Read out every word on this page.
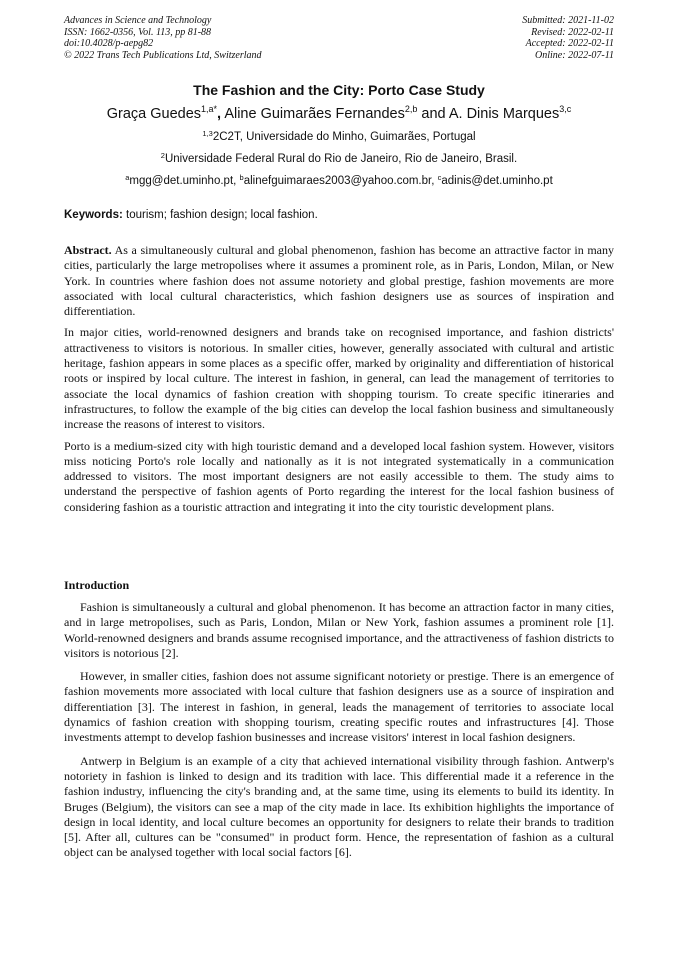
Advances in Science and Technology
ISSN: 1662-0356, Vol. 113, pp 81-88
doi:10.4028/p-aepg82
© 2022 Trans Tech Publications Ltd, Switzerland
Submitted: 2021-11-02
Revised: 2022-02-11
Accepted: 2022-02-11
Online: 2022-07-11
The Fashion and the City: Porto Case Study
Graça Guedes$^{1,a*}$, Aline Guimarães Fernandes$^{2,b}$ and A. Dinis Marques$^{3,c}$
$^{1,3}$2C2T, Universidade do Minho, Guimarães, Portugal
$^2$Universidade Federal Rural do Rio de Janeiro, Rio de Janeiro, Brasil.
$^a$mgg@det.uminho.pt, $^b$alinefguimaraes2003@yahoo.com.br, $^c$adinis@det.uminho.pt
Keywords: tourism; fashion design; local fashion.

Abstract. As a simultaneously cultural and global phenomenon, fashion has become an attractive factor in many cities, particularly the large metropolises where it assumes a prominent role, as in Paris, London, Milan, or New York. In countries where fashion does not assume notoriety and global prestige, fashion movements are more associated with local cultural characteristics, which fashion designers use as sources of inspiration and differentiation.

In major cities, world-renowned designers and brands take on recognised importance, and fashion districts' attractiveness to visitors is notorious. In smaller cities, however, generally associated with cultural and artistic heritage, fashion appears in some places as a specific offer, marked by originality and differentiation of historical roots or inspired by local culture. The interest in fashion, in general, can lead the management of territories to associate the local dynamics of fashion creation with shopping tourism. To create specific itineraries and infrastructures, to follow the example of the big cities can develop the local fashion business and simultaneously increase the reasons of interest to visitors.

Porto is a medium-sized city with high touristic demand and a developed local fashion system. However, visitors miss noticing Porto's role locally and nationally as it is not integrated systematically in a communication addressed to visitors. The most important designers are not easily accessible to them. The study aims to understand the perspective of fashion agents of Porto regarding the interest for the local fashion business of considering fashion as a touristic attraction and integrating it into the city touristic development plans.

Introduction

Fashion is simultaneously a cultural and global phenomenon. It has become an attraction factor in many cities, and in large metropolises, such as Paris, London, Milan or New York, fashion assumes a prominent role [1]. World-renowned designers and brands assume recognised importance, and the attractiveness of fashion districts to visitors is notorious [2].

However, in smaller cities, fashion does not assume significant notoriety or prestige. There is an emergence of fashion movements more associated with local culture that fashion designers use as a source of inspiration and differentiation [3]. The interest in fashion, in general, leads the management of territories to associate local dynamics of fashion creation with shopping tourism, creating specific routes and infrastructures [4]. Those investments attempt to develop fashion businesses and increase visitors' interest in local fashion designers.

Antwerp in Belgium is an example of a city that achieved international visibility through fashion. Antwerp's notoriety in fashion is linked to design and its tradition with lace. This differential made it a reference in the fashion industry, influencing the city's branding and, at the same time, using its elements to build its identity. In Bruges (Belgium), the visitors can see a map of the city made in lace. Its exhibition highlights the importance of design in local identity, and local culture becomes an opportunity for designers to relate their brands to tradition [5]. After all, cultures can be "consumed" in product form. Hence, the representation of fashion as a cultural object can be analysed together with local social factors [6].
